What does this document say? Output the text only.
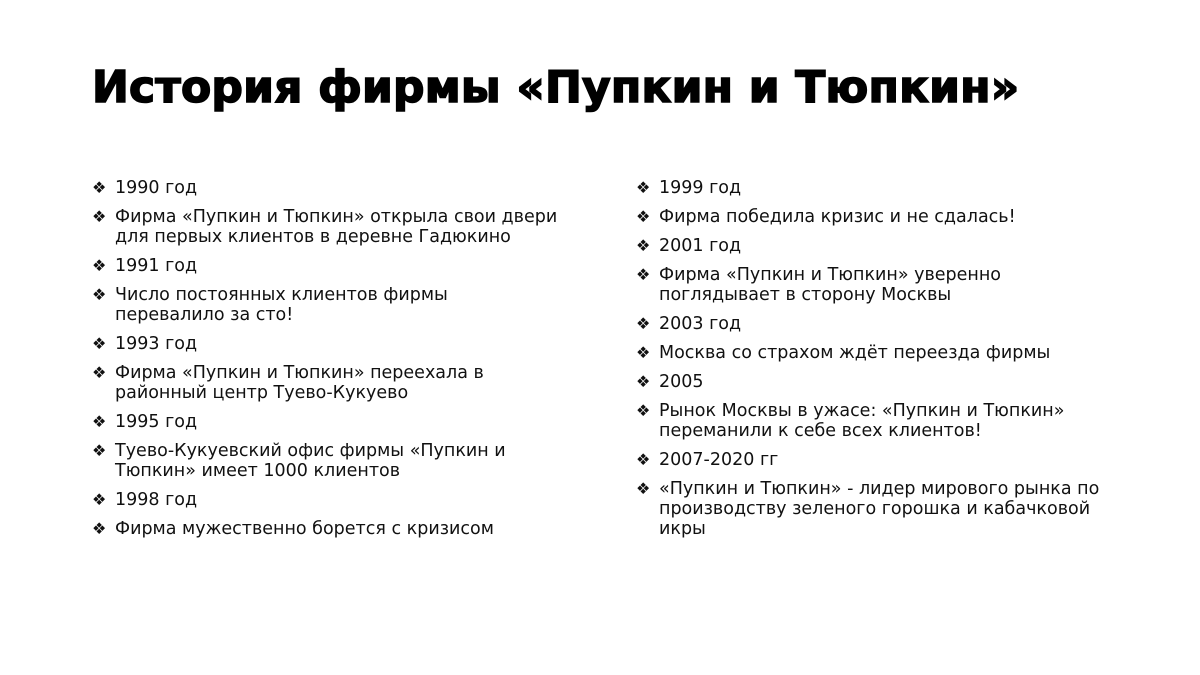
История фирмы «Пупкин и Тюпкин»
❖ 1990 год
❖ Фирма «Пупкин и Тюпкин» открыла свои двери для первых клиентов в деревне Гадюкино
❖ 1991 год
❖ Число постоянных клиентов фирмы перевалило за сто!
❖ 1993 год
❖ Фирма «Пупкин и Тюпкин» переехала в районный центр Туево-Кукуево
❖ 1995 год
❖ Туево-Кукуевский офис фирмы «Пупкин и Тюпкин» имеет 1000 клиентов
❖ 1998 год
❖ Фирма мужественно борется с кризисом
❖ 1999 год
❖ Фирма победила кризис и не сдалась!
❖ 2001 год
❖ Фирма «Пупкин и Тюпкин» уверенно поглядывает в сторону Москвы
❖ 2003 год
❖ Москва со страхом ждёт переезда фирмы
❖ 2005
❖ Рынок Москвы в ужасе: «Пупкин и Тюпкин» переманили к себе всех клиентов!
❖ 2007-2020 гг
❖ «Пупкин и Тюпкин» - лидер мирового рынка по производству зеленого горошка и кабачковой икры
